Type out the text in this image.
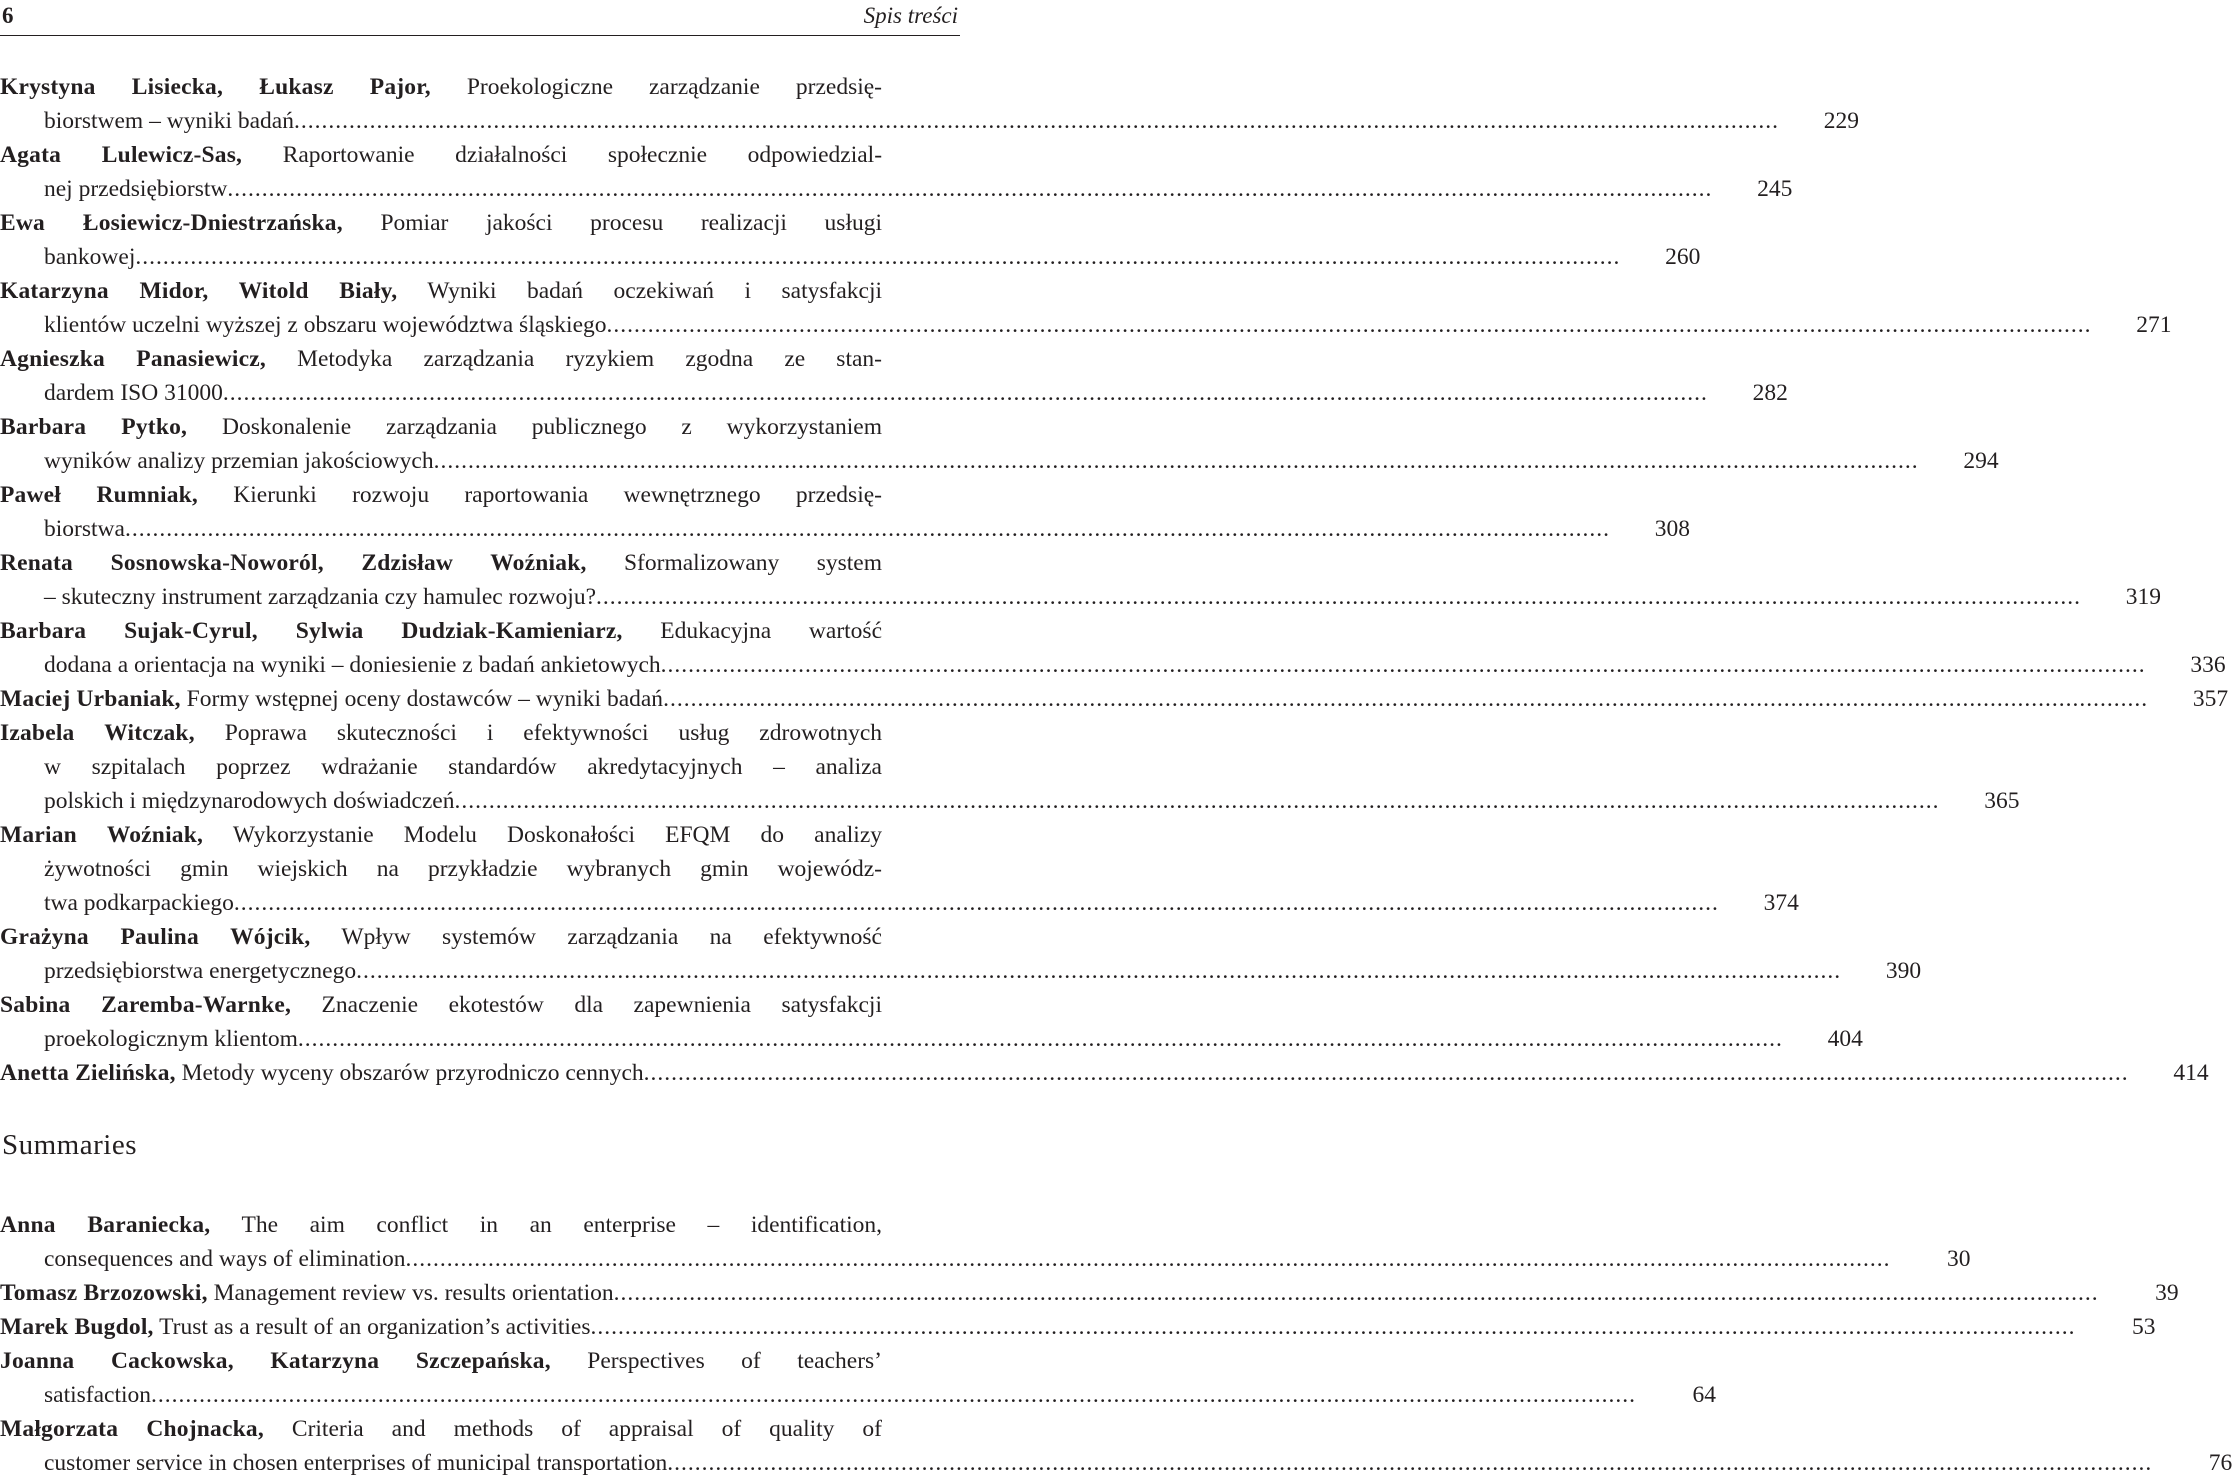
6	Spis treści
Krystyna Lisiecka, Łukasz Pajor, Proekologiczne zarządzanie przedsię-
biorstwem – wyniki badań .....	229
Agata Lulewicz-Sas, Raportowanie działalności społecznie odpowiedzial-
nej przedsiębiorstw .....	245
Ewa Łosiewicz-Dniestrzańska, Pomiar jakości procesu realizacji usługi
bankowej .....	260
Katarzyna Midor, Witold Biały, Wyniki badań oczekiwań i satysfakcji
klientów uczelni wyższej z obszaru województwa śląskiego .....	271
Agnieszka Panasiewicz, Metodyka zarządzania ryzykiem zgodna ze stan-
dardem ISO 31000 .....	282
Barbara Pytko, Doskonalenie zarządzania publicznego z wykorzystaniem
wyników analizy przemian jakościowych .....	294
Paweł Rumniak, Kierunki rozwoju raportowania wewnętrznego przedsię-
biorstwa .....	308
Renata Sosnowska-Noworól, Zdzisław Woźniak, Sformalizowany system
– skuteczny instrument zarządzania czy hamulec rozwoju? .....	319
Barbara Sujak-Cyrul, Sylwia Dudziak-Kamieniarz, Edukacyjna wartość
dodana a orientacja na wyniki – doniesienie z badań ankietowych .....	336
Maciej Urbaniak, Formy wstępnej oceny dostawców – wyniki badań .....	357
Izabela Witczak, Poprawa skuteczności i efektywności usług zdrowotnych
w szpitalach poprzez wdrażanie standardów akredytacyjnych – analiza
polskich i międzynarodowych doświadczeń .....	365
Marian Woźniak, Wykorzystanie Modelu Doskonałości EFQM do analizy
żywotności gmin wiejskich na przykładzie wybranych gmin wojewódz-
twa podkarpackiego .....	374
Grażyna Paulina Wójcik, Wpływ systemów zarządzania na efektywność
przedsiębiorstwa energetycznego .....	390
Sabina Zaremba-Warnke, Znaczenie ekotestów dla zapewnienia satysfakcji
proekologicznym klientom .....	404
Anetta Zielińska, Metody wyceny obszarów przyrodniczo cennych .....	414
Summaries
Anna Baraniecka, The aim conflict in an enterprise – identification,
consequences and ways of elimination .....	30
Tomasz Brzozowski, Management review vs. results orientation .....	39
Marek Bugdol, Trust as a result of an organization’s activities .....	53
Joanna Cackowska, Katarzyna Szczepańska, Perspectives of teachers’
satisfaction .....	64
Małgorzata Chojnacka, Criteria and methods of appraisal of quality of
customer service in chosen enterprises of municipal transportation .....	76
